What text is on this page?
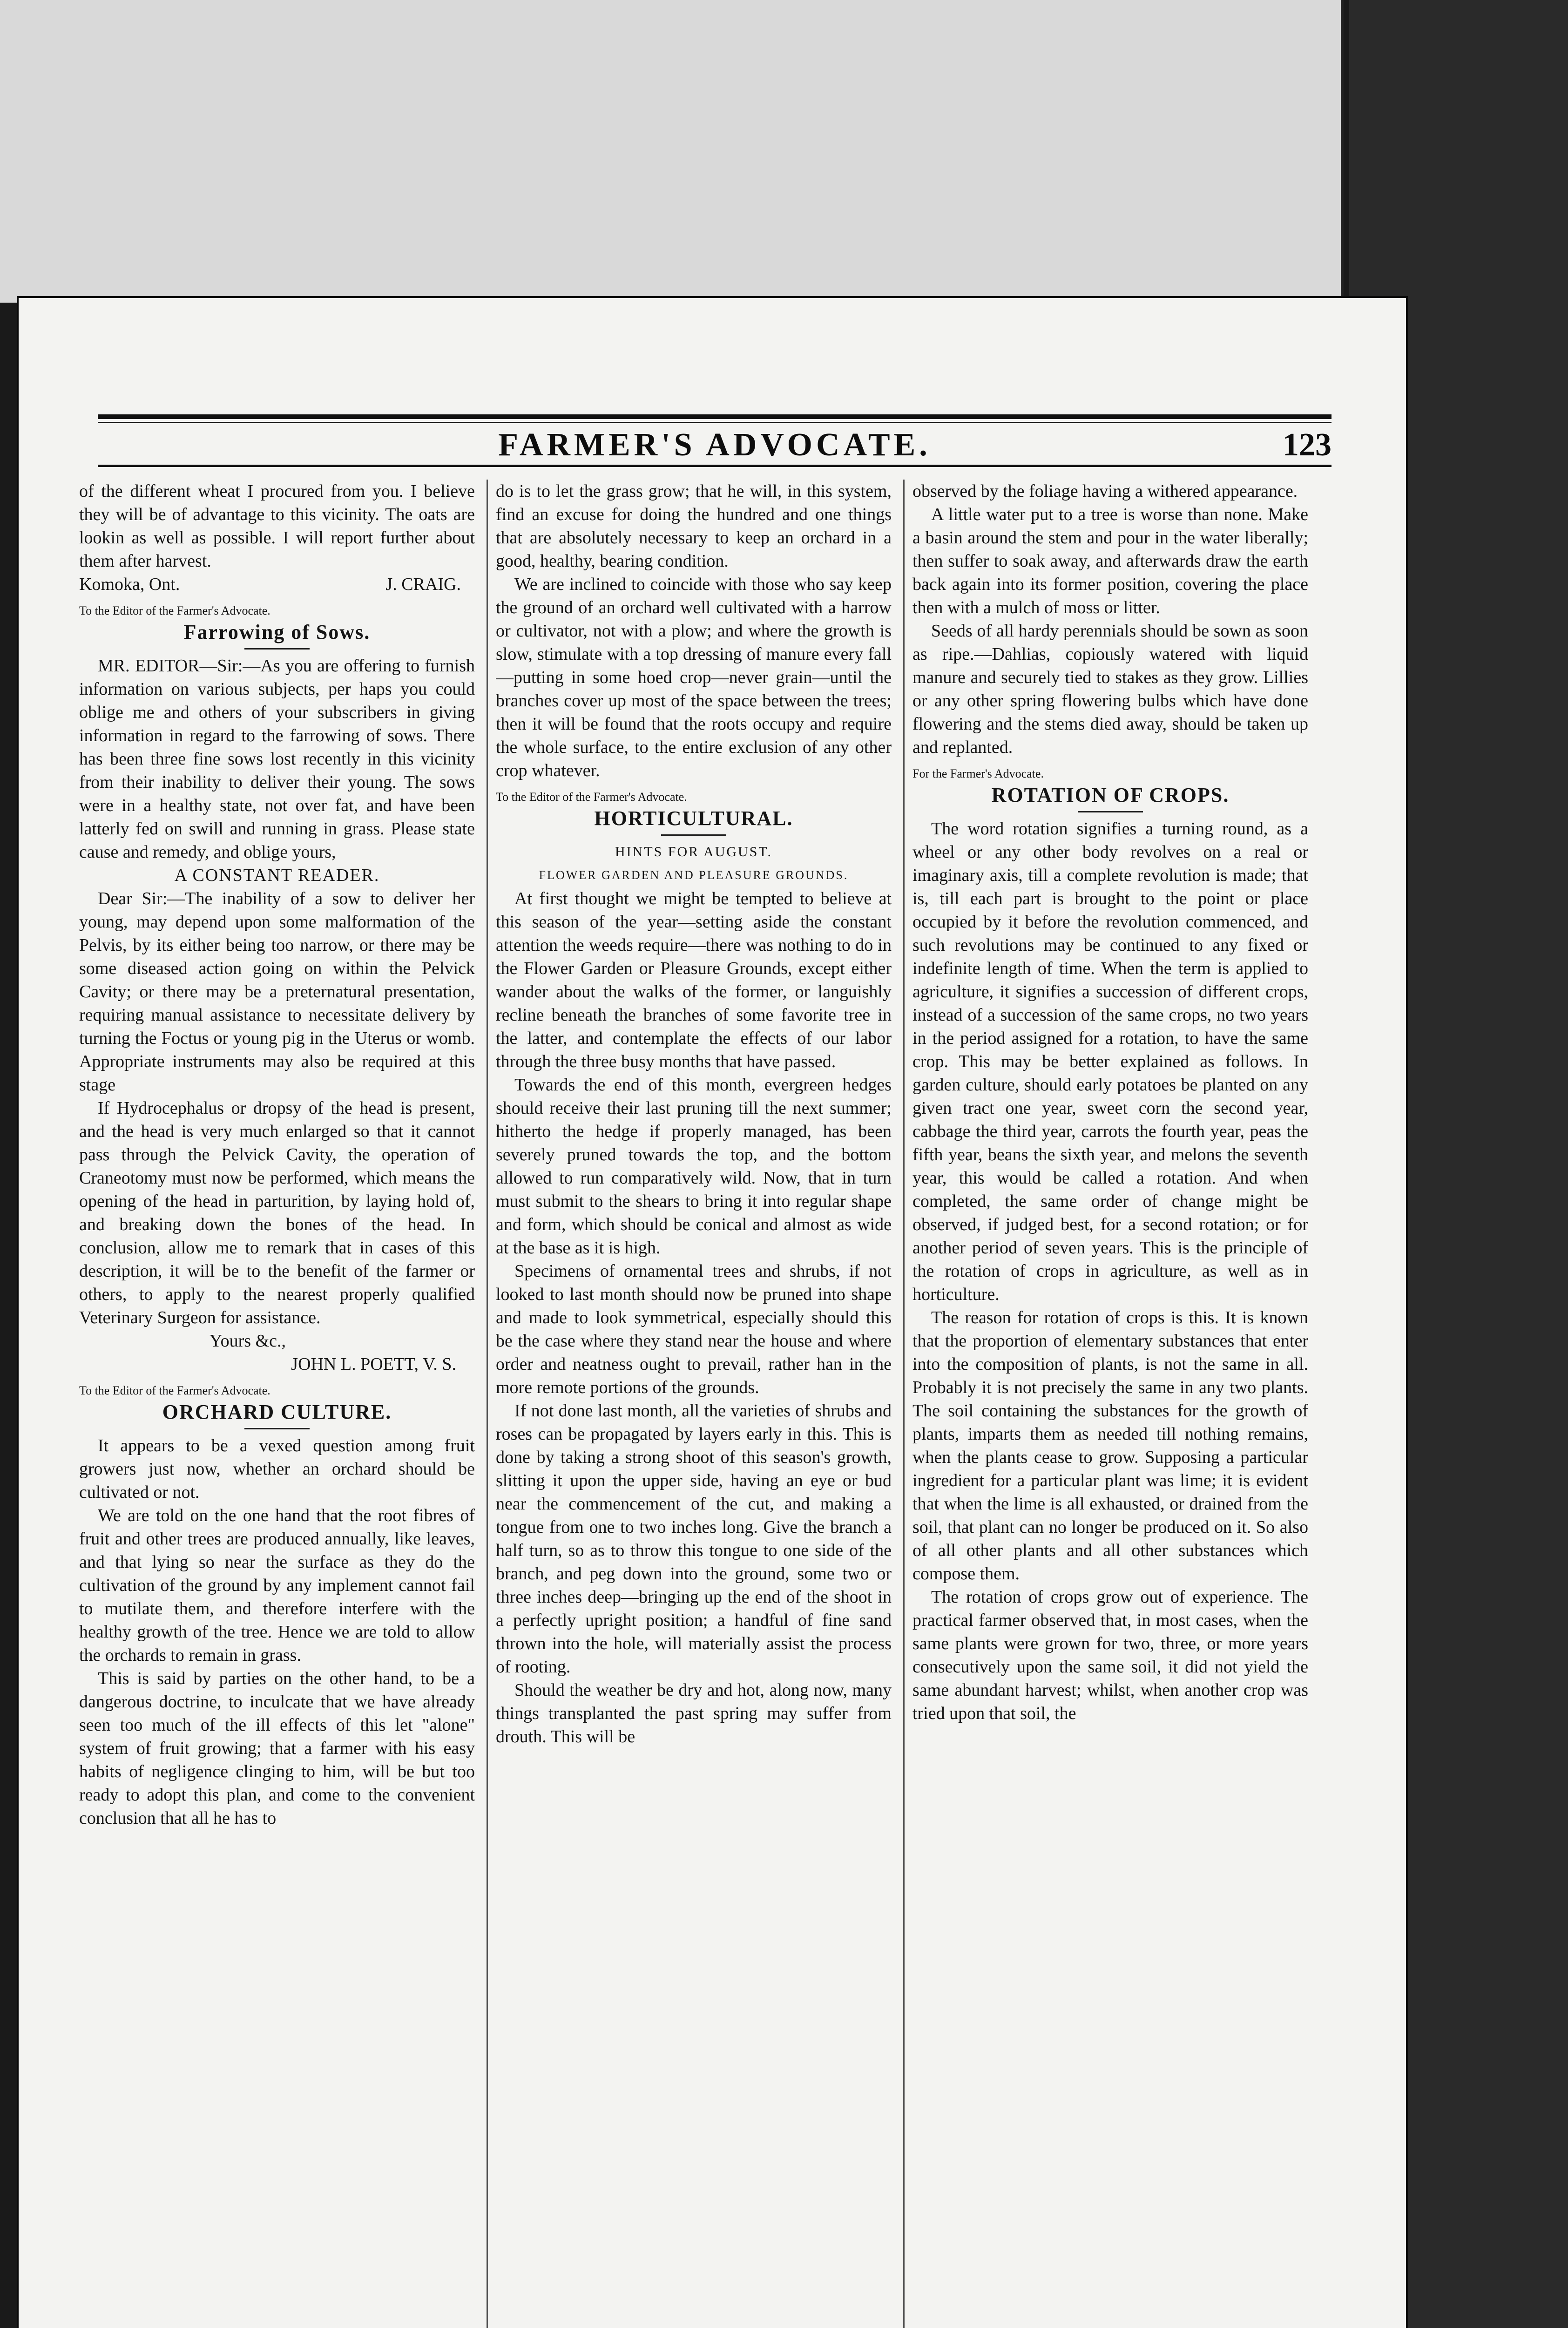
FARMER'S ADVOCATE.	123

of the different wheat I procured from you. I believe they will be of advantage to this vicinity. The oats are lookin as well as possible. I will report further about them after harvest.

Komoka, Ont.	J. CRAIG.
To the Editor of the Farmer's Advocate.
Farrowing of Sows.

MR. EDITOR—Sir:—As you are offering to furnish information on various subjects, per haps you could oblige me and others of your subscribers in giving information in regard to the farrowing of sows. There has been three fine sows lost recently in this vicinity from their inability to deliver their young. The sows were in a healthy state, not over fat, and have been latterly fed on swill and running in grass. Please state cause and remedy, and oblige yours,

A CONSTANT READER.

Dear Sir:—The inability of a sow to deliver her young, may depend upon some malformation of the Pelvis, by its either being too narrow, or there may be some diseased action going on within the Pelvick Cavity; or there may be a preternatural presentation, requiring manual assistance to necessitate delivery by turning the Foctus or young pig in the Uterus or womb. Appropriate instruments may also be required at this stage

If Hydrocephalus or dropsy of the head is present, and the head is very much enlarged so that it cannot pass through the Pelvick Cavity, the operation of Craneotomy must now be performed, which means the opening of the head in parturition, by laying hold of, and breaking down the bones of the head. In conclusion, allow me to remark that in cases of this description, it will be to the benefit of the farmer or others, to apply to the nearest properly qualified Veterinary Surgeon for assistance.

Yours &c.,
JOHN L. POETT, V. S.
To the Editor of the Farmer's Advocate.
ORCHARD CULTURE.

It appears to be a vexed question among fruit growers just now, whether an orchard should be cultivated or not.

We are told on the one hand that the root fibres of fruit and other trees are produced annually, like leaves, and that lying so near the surface as they do the cultivation of the ground by any implement cannot fail to mutilate them, and therefore interfere with the healthy growth of the tree. Hence we are told to allow the orchards to remain in grass.

This is said by parties on the other hand, to be a dangerous doctrine, to inculcate that we have already seen too much of the ill effects of this let "alone" system of fruit growing; that a farmer with his easy habits of negligence clinging to him, will be but too ready to adopt this plan, and come to the convenient conclusion that all he has to

do is to let the grass grow; that he will, in this system, find an excuse for doing the hundred and one things that are absolutely necessary to keep an orchard in a good, healthy, bearing condition.

We are inclined to coincide with those who say keep the ground of an orchard well cultivated with a harrow or cultivator, not with a plow; and where the growth is slow, stimulate with a top dressing of manure every fall—putting in some hoed crop—never grain—until the branches cover up most of the space between the trees; then it will be found that the roots occupy and require the whole surface, to the entire exclusion of any other crop whatever.

To the Editor of the Farmer's Advocate.
HORTICULTURAL.
HINTS FOR AUGUST.
FLOWER GARDEN AND PLEASURE GROUNDS.

At first thought we might be tempted to believe at this season of the year—setting aside the constant attention the weeds require—there was nothing to do in the Flower Garden or Pleasure Grounds, except either wander about the walks of the former, or languishly recline beneath the branches of some favorite tree in the latter, and contemplate the effects of our labor through the three busy months that have passed.

Towards the end of this month, evergreen hedges should receive their last pruning till the next summer; hitherto the hedge if properly managed, has been severely pruned towards the top, and the bottom allowed to run comparatively wild. Now, that in turn must submit to the shears to bring it into regular shape and form, which should be conical and almost as wide at the base as it is high.

Specimens of ornamental trees and shrubs, if not looked to last month should now be pruned into shape and made to look symmetrical, especially should this be the case where they stand near the house and where order and neatness ought to prevail, rather han in the more remote portions of the grounds.

If not done last month, all the varieties of shrubs and roses can be propagated by layers early in this. This is done by taking a strong shoot of this season's growth, slitting it upon the upper side, having an eye or bud near the commencement of the cut, and making a tongue from one to two inches long. Give the branch a half turn, so as to throw this tongue to one side of the branch, and peg down into the ground, some two or three inches deep—bringing up the end of the shoot in a perfectly upright position; a handful of fine sand thrown into the hole, will materially assist the process of rooting.

Should the weather be dry and hot, along now, many things transplanted the past spring may suffer from drouth. This will be

observed by the foliage having a withered appearance.

A little water put to a tree is worse than none. Make a basin around the stem and pour in the water liberally; then suffer to soak away, and afterwards draw the earth back again into its former position, covering the place then with a mulch of moss or litter.

Seeds of all hardy perennials should be sown as soon as ripe.—Dahlias, copiously watered with liquid manure and securely tied to stakes as they grow. Lillies or any other spring flowering bulbs which have done flowering and the stems died away, should be taken up and replanted.

For the Farmer's Advocate.
ROTATION OF CROPS.

The word rotation signifies a turning round, as a wheel or any other body revolves on a real or imaginary axis, till a complete revolution is made; that is, till each part is brought to the point or place occupied by it before the revolution commenced, and such revolutions may be continued to any fixed or indefinite length of time. When the term is applied to agriculture, it signifies a succession of different crops, instead of a succession of the same crops, no two years in the period assigned for a rotation, to have the same crop. This may be better explained as follows. In garden culture, should early potatoes be planted on any given tract one year, sweet corn the second year, cabbage the third year, carrots the fourth year, peas the fifth year, beans the sixth year, and melons the seventh year, this would be called a rotation. And when completed, the same order of change might be observed, if judged best, for a second rotation; or for another period of seven years. This is the principle of the rotation of crops in agriculture, as well as in horticulture.

The reason for rotation of crops is this. It is known that the proportion of elementary substances that enter into the composition of plants, is not the same in all. Probably it is not precisely the same in any two plants. The soil containing the substances for the growth of plants, imparts them as needed till nothing remains, when the plants cease to grow. Supposing a particular ingredient for a particular plant was lime; it is evident that when the lime is all exhausted, or drained from the soil, that plant can no longer be produced on it. So also of all other plants and all other substances which compose them.

The rotation of crops grow out of experience. The practical farmer observed that, in most cases, when the same plants were grown for two, three, or more years consecutively upon the same soil, it did not yield the same abundant harvest; whilst, when another crop was tried upon that soil, the
